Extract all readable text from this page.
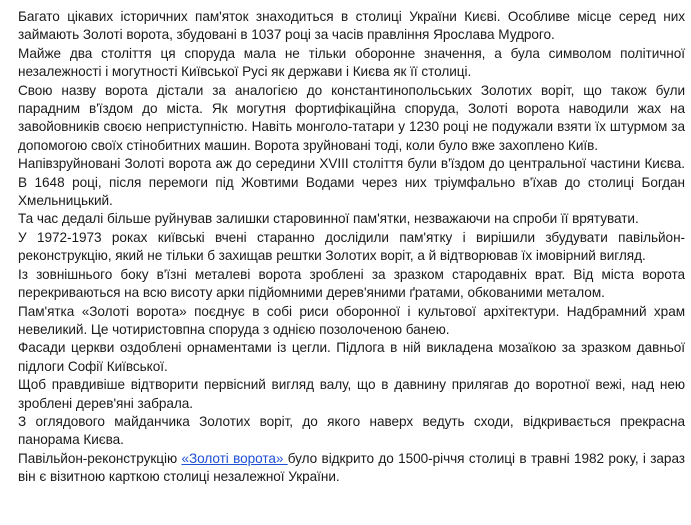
Багато цікавих історичних пам'яток знаходиться в столиці України Києві. Особливе місце серед них займають Золоті ворота, збудовані в 1037 році за часів правління Ярослава Мудрого.

Майже два століття ця споруда мала не тільки оборонне значення, а була символом політичної незалежності і могутності Київської Русі як держави і Києва як її столиці.

Свою назву ворота дістали за аналогією до константинопольських Золотих воріт, що також були парадним в'їздом до міста. Як могутня фортифікаційна споруда, Золоті ворота наводили жах на завойовників своєю неприступністю. Навіть монголо-татари у 1230 році не подужали взяти їх штурмом за допомогою своїх стінобитних машин. Ворота зруйновані тоді, коли було вже захоплено Київ.

Напівзруйновані Золоті ворота аж до середини XVIII століття були в'їздом до центральної частини Києва. В 1648 році, після перемоги під Жовтими Водами через них тріумфально в'їхав до столиці Богдан Хмельницький.

Та час дедалі більше руйнував залишки старовинної пам'ятки, незважаючи на спроби її врятувати.

У 1972-1973 роках київські вчені старанно дослідили пам'ятку і вирішили збудувати павільйон-реконструкцію, який не тільки б захищав рештки Золотих воріт, а й відтворював їх імовірний вигляд.

Із зовнішнього боку в'їзні металеві ворота зроблені за зразком стародавніх врат. Від міста ворота перекриваються на всю висоту арки підйомними дерев'яними ґратами, обкованими металом.

Пам'ятка «Золоті ворота» поєднує в собі риси оборонної і культової архітектури. Надбрамний храм невеликий. Це чотиристовпна споруда з однією позолоченою банею.

Фасади церкви оздоблені орнаментами із цегли. Підлога в ній викладена мозаїкою за зразком давньої підлоги Софії Київської.

Щоб правдивіше відтворити первісний вигляд валу, що в давнину прилягав до воротної вежі, над нею зроблені дерев'яні забрала.

З оглядового майданчика Золотих воріт, до якого наверх ведуть сходи, відкривається прекрасна панорама Києва.

Павільйон-реконструкцію «Золоті ворота» було відкрито до 1500-річчя столиці в травні 1982 року, і зараз він є візитною карткою столиці незалежної України.
